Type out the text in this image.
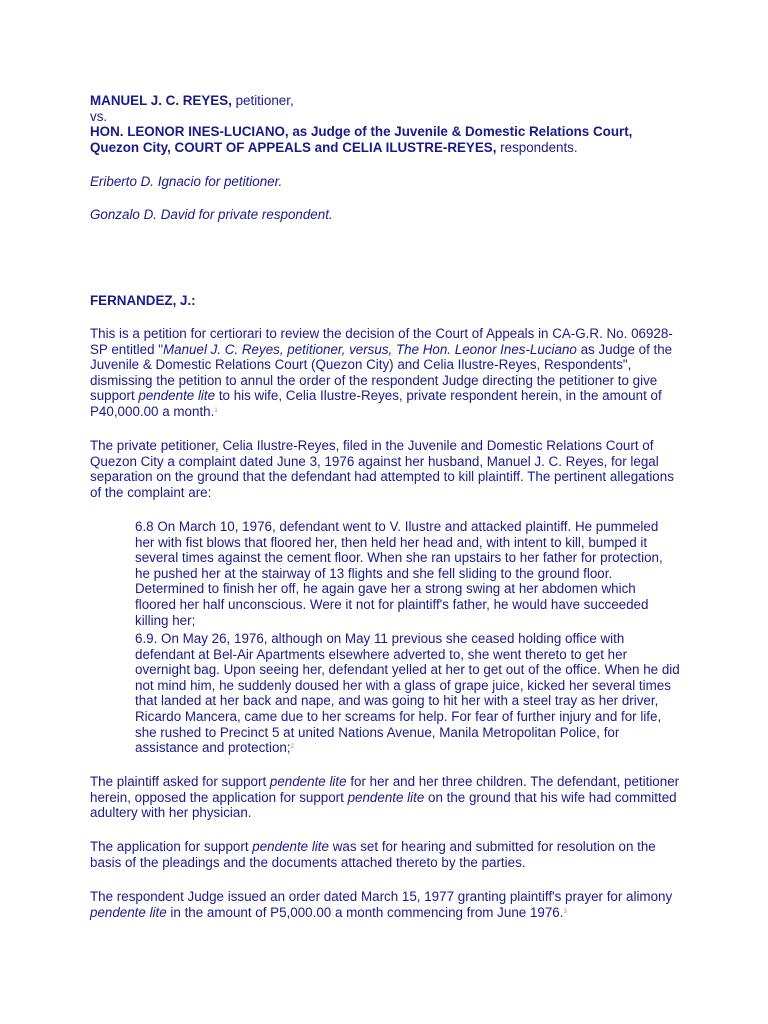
MANUEL J. C. REYES, petitioner,
vs.
HON. LEONOR INES-LUCIANO, as Judge of the Juvenile & Domestic Relations Court, Quezon City, COURT OF APPEALS and CELIA ILUSTRE-REYES, respondents.

Eriberto D. Ignacio for petitioner.

Gonzalo D. David for private respondent.

FERNANDEZ, J.:

This is a petition for certiorari to review the decision of the Court of Appeals in CA-G.R. No. 06928-SP entitled "Manuel J. C. Reyes, petitioner, versus, The Hon. Leonor Ines-Luciano as Judge of the Juvenile & Domestic Relations Court (Quezon City) and Celia Ilustre-Reyes, Respondents", dismissing the petition to annul the order of the respondent Judge directing the petitioner to give support pendente lite to his wife, Celia Ilustre-Reyes, private respondent herein, in the amount of P40,000.00 a month.$^1$

The private petitioner, Celia Ilustre-Reyes, filed in the Juvenile and Domestic Relations Court of Quezon City a complaint dated June 3, 1976 against her husband, Manuel J. C. Reyes, for legal separation on the ground that the defendant had attempted to kill plaintiff. The pertinent allegations of the complaint are:

6.8 On March 10, 1976, defendant went to V. Ilustre and attacked plaintiff. He pummeled her with fist blows that floored her, then held her head and, with intent to kill, bumped it several times against the cement floor. When she ran upstairs to her father for protection, he pushed her at the stairway of 13 flights and she fell sliding to the ground floor. Determined to finish her off, he again gave her a strong swing at her abdomen which floored her half unconscious. Were it not for plaintiff's father, he would have succeeded killing her;

6.9. On May 26, 1976, although on May 11 previous she ceased holding office with defendant at Bel-Air Apartments elsewhere adverted to, she went thereto to get her overnight bag. Upon seeing her, defendant yelled at her to get out of the office. When he did not mind him, he suddenly doused her with a glass of grape juice, kicked her several times that landed at her back and nape, and was going to hit her with a steel tray as her driver, Ricardo Mancera, came due to her screams for help. For fear of further injury and for life, she rushed to Precinct 5 at united Nations Avenue, Manila Metropolitan Police, for assistance and protection;$^2$

The plaintiff asked for support pendente lite for her and her three children. The defendant, petitioner herein, opposed the application for support pendente lite on the ground that his wife had committed adultery with her physician.

The application for support pendente lite was set for hearing and submitted for resolution on the basis of the pleadings and the documents attached thereto by the parties.

The respondent Judge issued an order dated March 15, 1977 granting plaintiff's prayer for alimony pendente lite in the amount of P5,000.00 a month commencing from June 1976.$^3$
